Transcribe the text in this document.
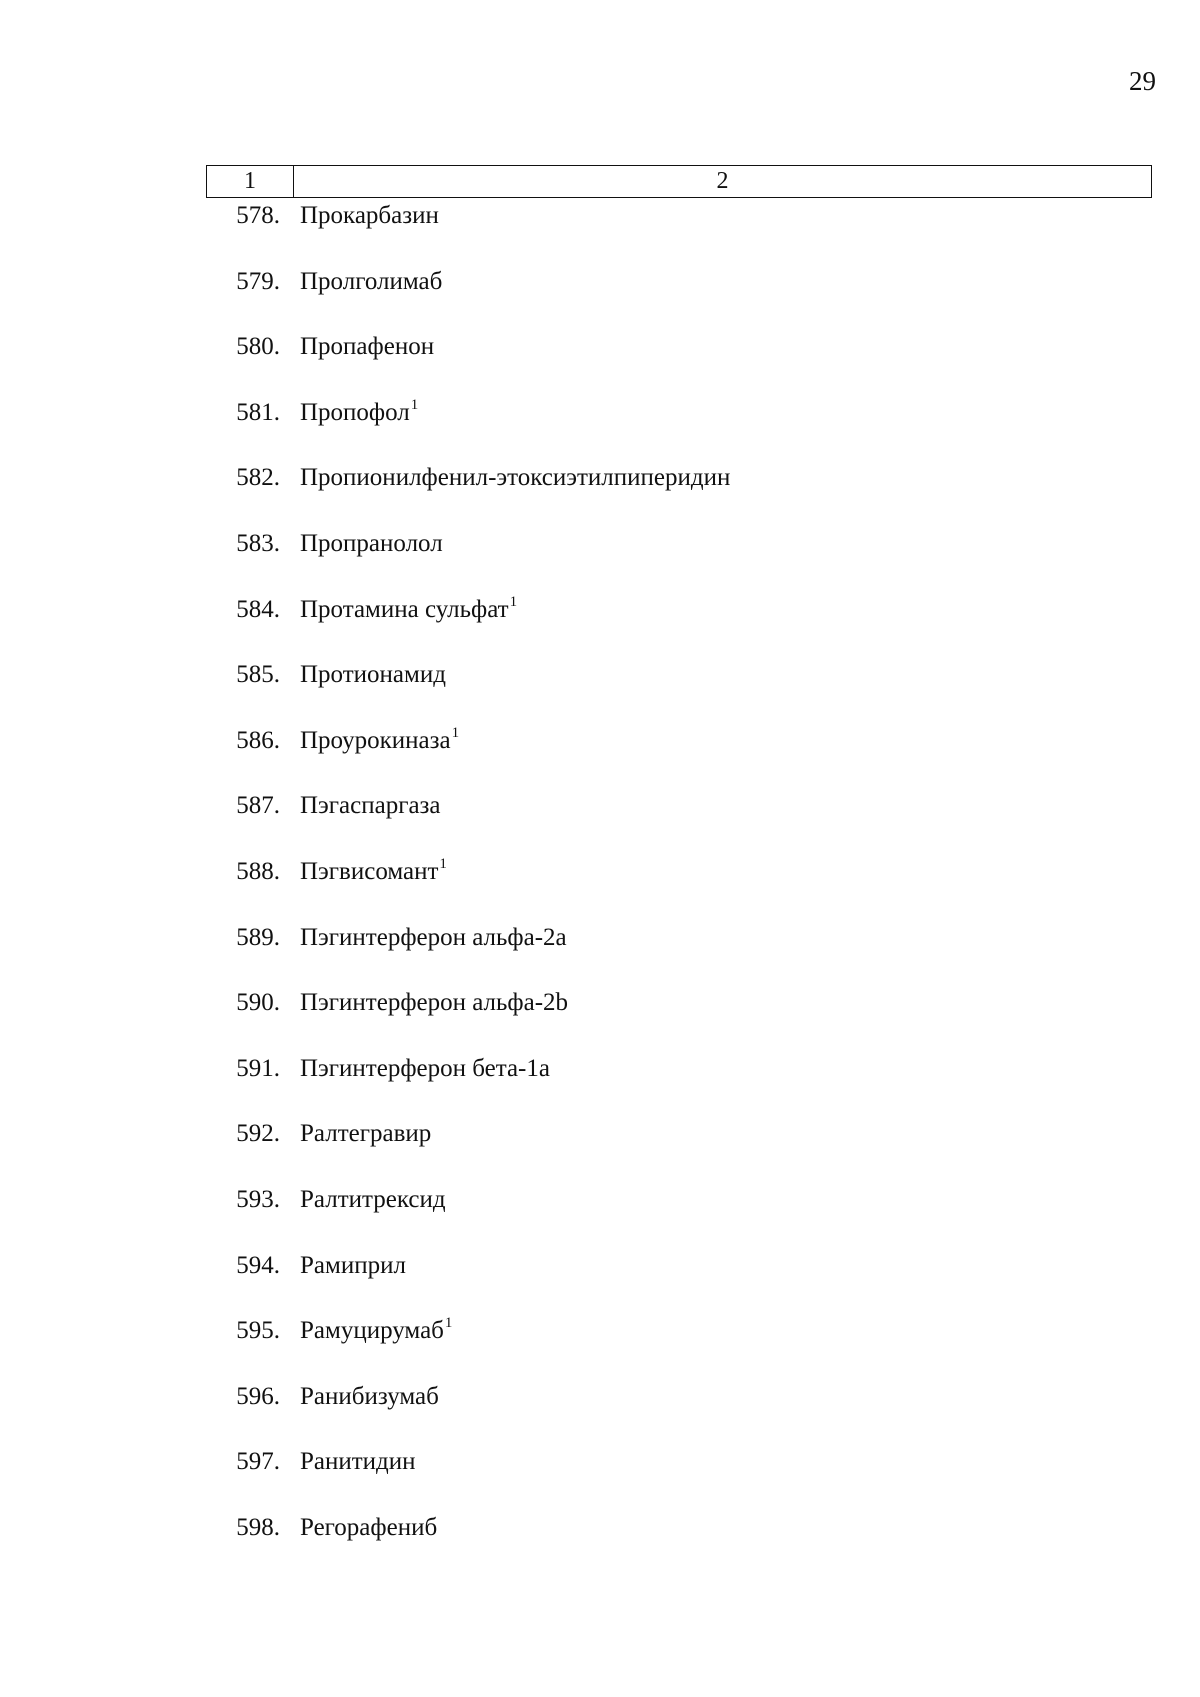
29
1	2
578. Прокарбазин
579. Пролголимаб
580. Пропафенон
581. Пропофол$^1$
582. Пропионилфенил-этоксиэтилпиперидин
583. Пропранолол
584. Протамина сульфат$^1$
585. Протионамид
586. Проурокиназа$^1$
587. Пэгаспаргаза
588. Пэгвисомант$^1$
589. Пэгинтерферон альфа-2а
590. Пэгинтерферон альфа-2b
591. Пэгинтерферон бета-1а
592. Ралтегравир
593. Ралтитрексид
594. Рамиприл
595. Рамуцирумаб$^1$
596. Ранибизумаб
597. Ранитидин
598. Регорафениб
